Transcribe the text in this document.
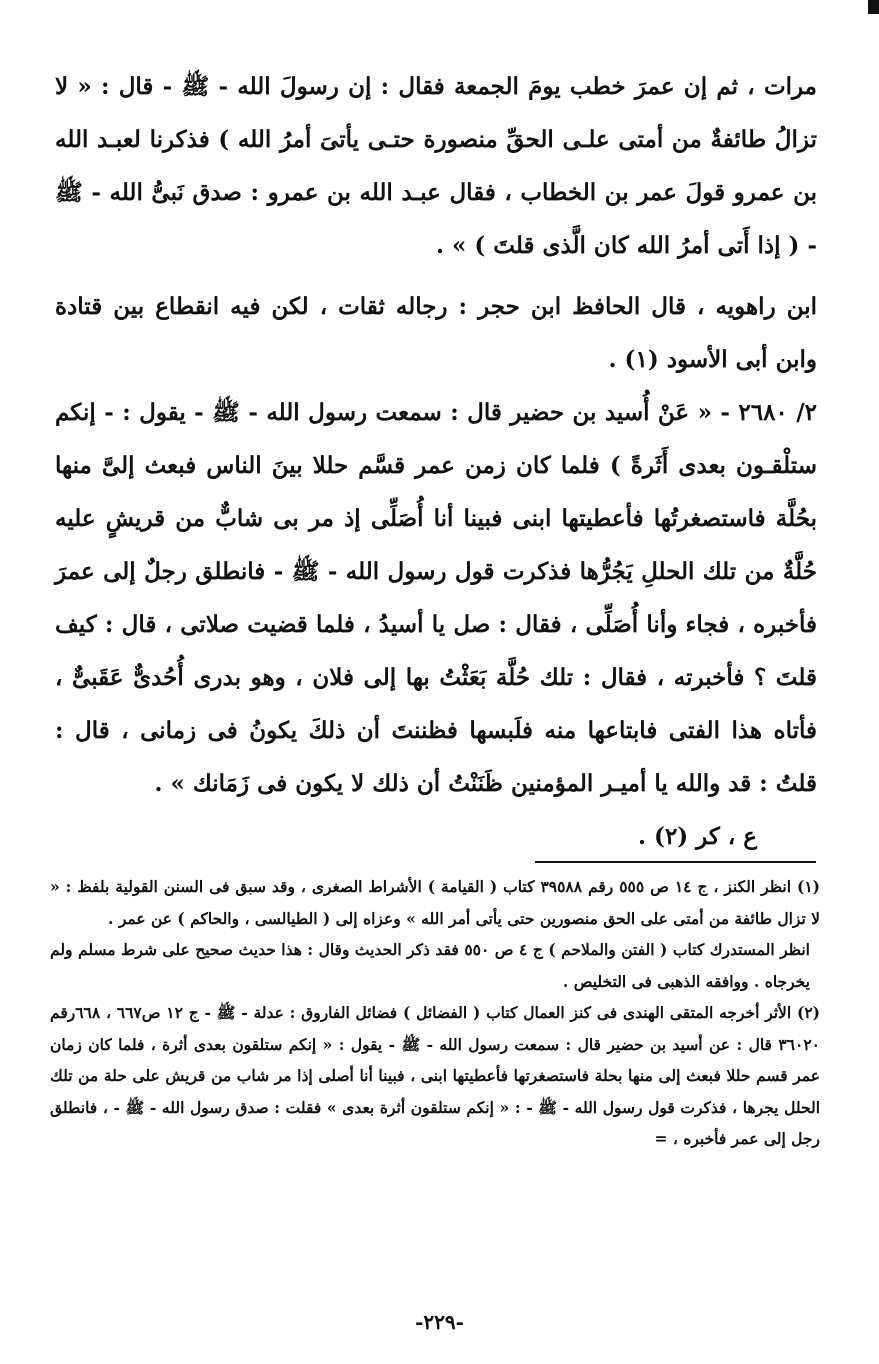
مرات ، ثم إن عمرَ خطب يومَ الجمعة فقال : إن رسولَ الله - ﷺ - قال : « لا تزالُ طائفةٌ من أمتى علـى الحقِّ منصورة حتـى يأتىَ أمرُ الله ) فذكرنا لعبـد الله بن عمرو قولَ عمر بن الخطاب ، فقال عبـد الله بن عمرو : صدق نَبىُّ الله - ﷺ - ( إذا أَتى أمرُ الله كان الَّذى قلتَ ) » .

ابن راهويه ، قال الحافظ ابن حجر : رجاله ثقات ، لكن فيه انقطاع بين قتادة وابن أبى الأسود (١) .

٢/ ٢٦٨٠ - « عَنْ أُسيد بن حضير قال : سمعت رسول الله - ﷺ - يقول : - إنكم ستلْقـون بعدى أَثَرةً ) فلما كان زمن عمر قسَّم حللا بينَ الناس فبعث إلىَّ منها بحُلَّة فاستصغرتُها فأعطيتها ابنى فبينا أنا أُصَلِّى إذ مر بى شابٌّ من قريشٍ عليه حُلَّةٌ من تلك الحللِ يَجُرُّها فذكرت قول رسول الله - ﷺ - فانطلق رجلٌ إلى عمرَ فأخبره ، فجاء وأنا أُصَلِّى ، فقال : صل يا أسيدُ ، فلما قضيت صلاتى ، قال : كيف قلتَ ؟ فأخبرته ، فقال : تلك حُلَّة بَعَثْتُ بها إلى فلان ، وهو بدرى أُحُدىٌّ عَقَبىٌّ ، فأتاه هذا الفتى فابتاعها منه فلَبسها فظننتَ أن ذلكَ يكونُ فى زمانى ، قال : قلتُ : قد والله يا أميـر المؤمنين ظَنَنْتُ أن ذلك لا يكون فى زَمَانك » .

ع ، كر (٢) .

(١) انظر الكنز ، ج ١٤ ص ٥٥٥ رقم ٣٩٥٨٨ كتاب ( القيامة ) الأشراط الصغرى ، وقد سبق فى السنن القولية بلفظ : « لا تزال طائفة من أمتى على الحق منصورين حتى يأتى أمر الله » وعزاه إلى ( الطيالسى ، والحاكم ) عن عمر .

انظر المستدرك كتاب ( الفتن والملاحم ) ج ٤ ص ٥٥٠ فقد ذكر الحديث وقال : هذا حديث صحيح على شرط مسلم ولم يخرجاه . ووافقه الذهبى فى التخليص .

(٢) الأثر أخرجه المتقى الهندى فى كنز العمال كتاب ( الفضائل ) فضائل الفاروق : عدلة - ﷺ - ج ١٢ ص٦٦٧ ، ٦٦٨رقم ٣٦٠٢٠ قال : عن أسيد بن حضير قال : سمعت رسول الله - ﷺ - يقول : « إنكم ستلقون بعدى أثرة ، فلما كان زمان عمر قسم حللا فبعث إلى منها بحلة فاستصغرتها فأعطيتها ابنى ، فبينا أنا أصلى إذا مر شاب من قريش على حلة من تلك الحلل يجرها ، فذكرت قول رسول الله - ﷺ - : « إنكم ستلقون أثرة بعدى » فقلت : صدق رسول الله - ﷺ - ، فانطلق رجل إلى عمر فأخبره ، =

-٢٢٩-
